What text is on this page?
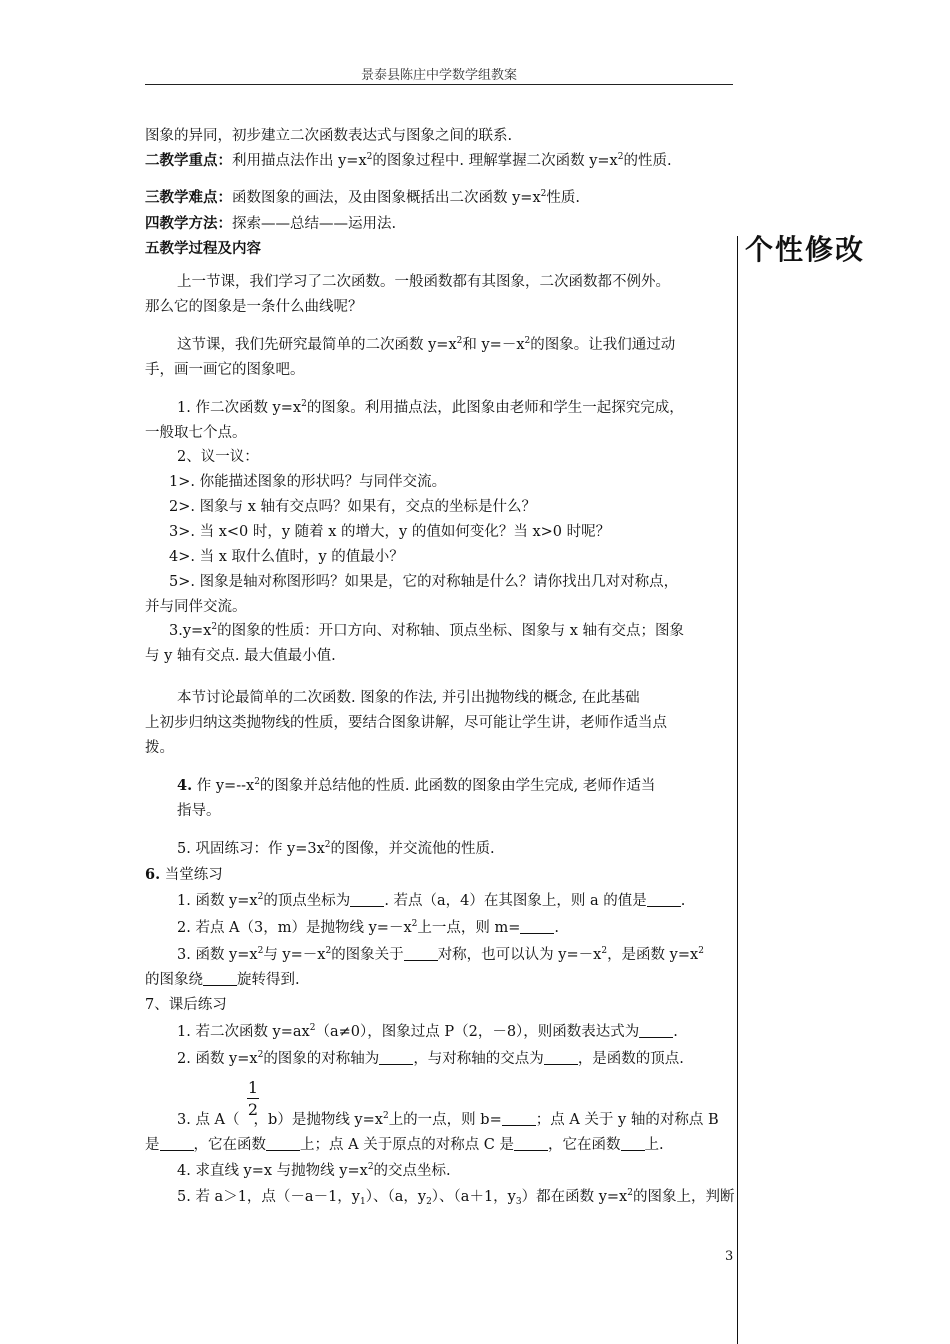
景泰县陈庄中学数学组教案
个性修改
图象的异同，初步建立二次函数表达式与图象之间的联系.
二教学重点：利用描点法作出 $y=x^2$的图象过程中. 理解掌握二次函数 $y=x^2$的性质.
三教学难点：函数图象的画法，及由图象概括出二次函数 $y=x^2$性质.
四教学方法：探索——总结——运用法.
五教学过程及内容
上一节课，我们学习了二次函数。一般函数都有其图象，二次函数都不例外。
那么它的图象是一条什么曲线呢？
这节课，我们先研究最简单的二次函数 $y=x^2$和 $y=-x^2$的图象。让我们通过动
手，画一画它的图象吧。
1. 作二次函数 $y=x^2$的图象。利用描点法，此图象由老师和学生一起探究完成，
一般取七个点。
2、议一议：
1>. 你能描述图象的形状吗？与同伴交流。
2>. 图象与 x 轴有交点吗？如果有，交点的坐标是什么？
3>. 当 x<0 时，y 随着 x 的增大，y 的值如何变化？当 x>0 时呢？
4>. 当 x 取什么值时，y 的值最小？
5>. 图象是轴对称图形吗？如果是，它的对称轴是什么？请你找出几对对称点，
并与同伴交流。
$3.y=x^2$的图象的性质：开口方向、对称轴、顶点坐标、图象与 x 轴有交点；图象
与 y 轴有交点. 最大值最小值.
本节讨论最简单的二次函数. 图象的作法, 并引出抛物线的概念, 在此基础
上初步归纳这类抛物线的性质，要结合图象讲解，尽可能让学生讲，老师作适当点
拨。
4. 作 $y=--x^2$的图象并总结他的性质. 此函数的图象由学生完成, 老师作适当
指导。
5. 巩固练习：作 $y=3x^2$的图像，并交流他的性质.
6. 当堂练习
1. 函数 $y=x^2$的顶点坐标为 . 若点（a，4）在其图象上，则 a 的值是 .
2. 若点 A（3，m）是抛物线 $y=-x^2$上一点，则 m= .
3. 函数 $y=x^2$与 $y=-x^2$的图象关于 对称，也可以认为 $y=-x^2$，是函数 $y=x^2$
的图象绕 旋转得到.
7、课后练习
1. 若二次函数 $y=ax^2(a\ne 0)$，图象过点 P（2，－8），则函数表达式为 .
2. 函数 $y=x^2$的图象的对称轴为 ，与对称轴的交点为 ，是函数的顶点.
1
2
3. 点 A（ ，b）是抛物线 $y=x^2$上的一点，则 b= ；点 A 关于 y 轴的对称点 B
是 ，它在函数 上；点 A 关于原点的对称点 C 是 ，它在函数 上.
4. 求直线 y=x 与抛物线 $y=x^2$的交点坐标.
5. 若 a＞1，点（－a－1，$y_1$）、（a，$y_2$）、（a＋1，$y_3$）都在函数 $y=x^2$的图象上，判断
3
